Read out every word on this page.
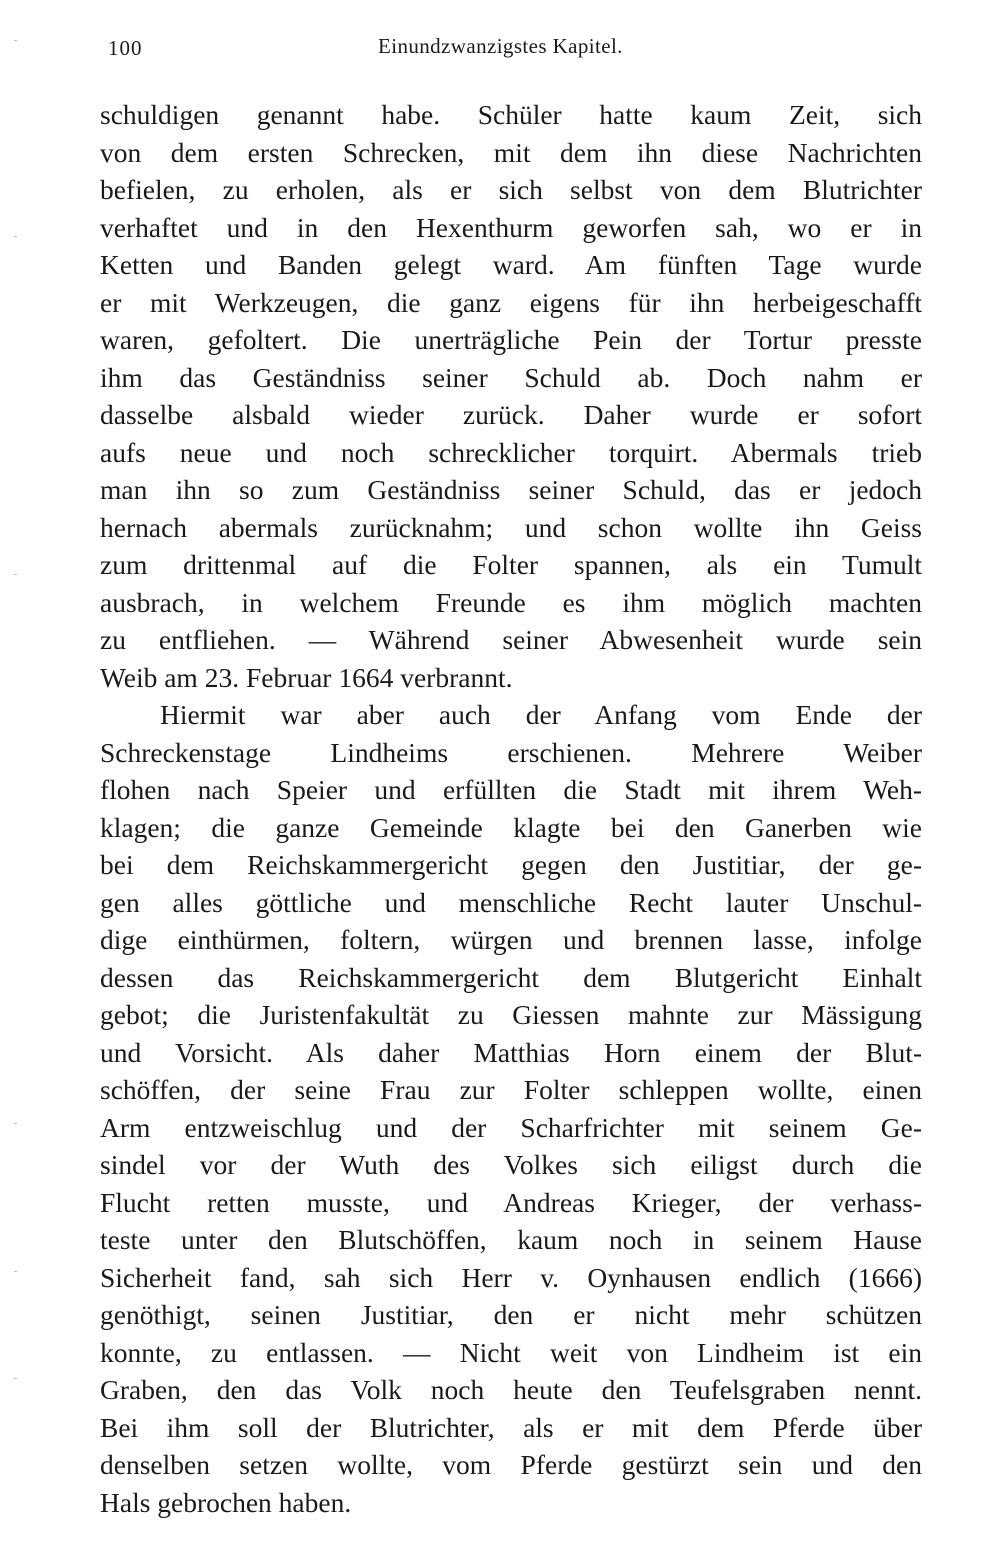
100	Einundzwanzigstes Kapitel.
schuldigen genannt habe. Schüler hatte kaum Zeit, sich
von dem ersten Schrecken, mit dem ihn diese Nachrichten
befielen, zu erholen, als er sich selbst von dem Blutrichter
verhaftet und in den Hexenthurm geworfen sah, wo er in
Ketten und Banden gelegt ward. Am fünften Tage wurde
er mit Werkzeugen, die ganz eigens für ihn herbeigeschafft
waren, gefoltert. Die unerträgliche Pein der Tortur presste
ihm das Geständniss seiner Schuld ab. Doch nahm er
dasselbe alsbald wieder zurück. Daher wurde er sofort
aufs neue und noch schrecklicher torquirt. Abermals trieb
man ihn so zum Geständniss seiner Schuld, das er jedoch
hernach abermals zurücknahm; und schon wollte ihn Geiss
zum drittenmal auf die Folter spannen, als ein Tumult
ausbrach, in welchem Freunde es ihm möglich machten
zu entfliehen. — Während seiner Abwesenheit wurde sein
Weib am 23. Februar 1664 verbrannt.
Hiermit war aber auch der Anfang vom Ende der
Schreckenstage Lindheims erschienen. Mehrere Weiber
flohen nach Speier und erfüllten die Stadt mit ihrem Weh-
klagen; die ganze Gemeinde klagte bei den Ganerben wie
bei dem Reichskammergericht gegen den Justitiar, der ge-
gen alles göttliche und menschliche Recht lauter Unschul-
dige einthürmen, foltern, würgen und brennen lasse, infolge
dessen das Reichskammergericht dem Blutgericht Einhalt
gebot; die Juristenfakultät zu Giessen mahnte zur Mässigung
und Vorsicht. Als daher Matthias Horn einem der Blut-
schöffen, der seine Frau zur Folter schleppen wollte, einen
Arm entzweischlug und der Scharfrichter mit seinem Ge-
sindel vor der Wuth des Volkes sich eiligst durch die
Flucht retten musste, und Andreas Krieger, der verhass-
teste unter den Blutschöffen, kaum noch in seinem Hause
Sicherheit fand, sah sich Herr v. Oynhausen endlich (1666)
genöthigt, seinen Justitiar, den er nicht mehr schützen
konnte, zu entlassen. — Nicht weit von Lindheim ist ein
Graben, den das Volk noch heute den Teufelsgraben nennt.
Bei ihm soll der Blutrichter, als er mit dem Pferde über
denselben setzen wollte, vom Pferde gestürzt sein und den
Hals gebrochen haben.
